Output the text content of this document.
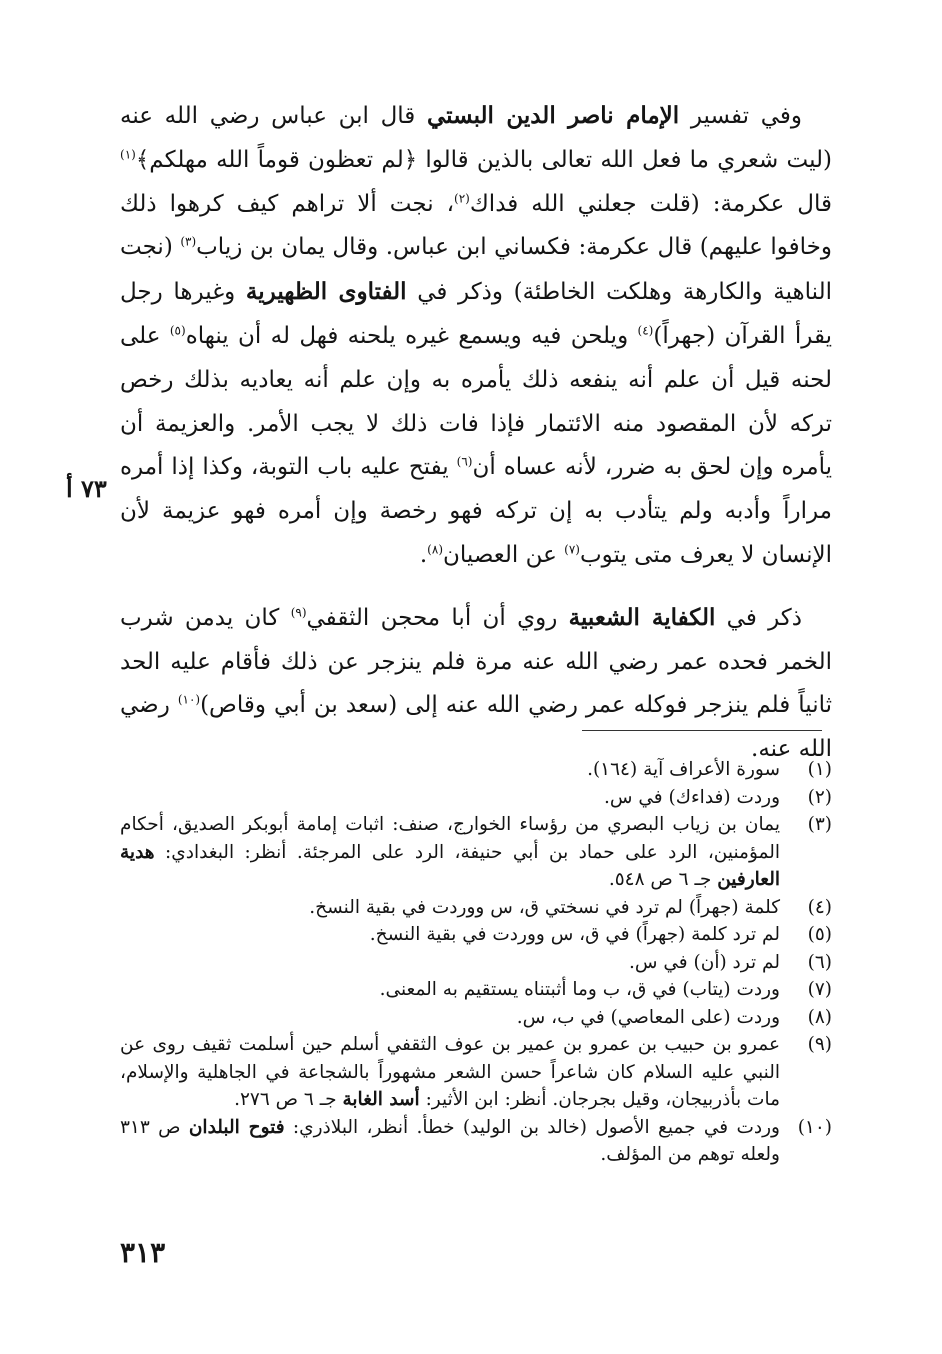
٧٣ أ

وفي تفسير الإمام ناصر الدين البستي قال ابن عباس رضي الله عنه (ليت شعري ما فعل الله تعالى بالذين قالوا ﴿لم تعظون قوماً الله مهلكم﴾$^{(١)}$ قال عكرمة: (قلت جعلني الله فداك$^{(٢)}$، نجت ألا تراهم كيف كرهوا ذلك وخافوا عليهم) قال عكرمة: فكساني ابن عباس. وقال يمان بن زياب$^{(٣)}$ (نجت الناهية والكارهة وهلكت الخاطئة) وذكر في الفتاوى الظهيرية وغيرها رجل يقرأ القرآن (جهراً)$^{(٤)}$ ويلحن فيه ويسمع غيره يلحنه فهل له أن ينهاه$^{(٥)}$ على لحنه قيل أن علم أنه ينفعه ذلك يأمره به وإن علم أنه يعاديه بذلك رخص تركه لأن المقصود منه الائتمار فإذا فات ذلك لا يجب الأمر. والعزيمة أن يأمره وإن لحق به ضرر، لأنه عساه أن$^{(٦)}$ يفتح عليه باب التوبة، وكذا إذا أمره مراراً وأدبه ولم يتأدب به إن تركه فهو رخصة وإن أمره فهو عزيمة لأن الإنسان لا يعرف متى يتوب$^{(٧)}$ عن العصيان$^{(٨)}$.

ذكر في الكفاية الشعبية روي أن أبا محجن الثقفي$^{(٩)}$ كان يدمن شرب الخمر فحده عمر رضي الله عنه مرة فلم ينزجر عن ذلك فأقام عليه الحد ثانياً فلم ينزجر فوكله عمر رضي الله عنه إلى (سعد بن أبي وقاص)$^{(١٠)}$ رضي الله عنه.

(١)
سورة الأعراف آية (١٦٤).
(٢)
وردت (فداءك) في س.
(٣)
يمان بن زياب البصري من رؤساء الخوارج، صنف: اثبات إمامة أبوبكر الصديق، أحكام المؤمنين، الرد على حماد بن أبي حنيفة، الرد على المرجئة. أنظر: البغدادي: هدية العارفين جـ ٦ ص ٥٤٨.
(٤)
كلمة (جهراً) لم ترد في نسختي ق، س ووردت في بقية النسخ.
(٥)
لم ترد كلمة (جهراً) في ق، س ووردت في بقية النسخ.
(٦)
لم ترد (أن) في س.
(٧)
وردت (يتاب) في ق، ب وما أثبتناه يستقيم به المعنى.
(٨)
وردت (على المعاصي) في ب، س.
(٩)
عمرو بن حبيب بن عمرو بن عمير بن عوف الثقفي أسلم حين أسلمت ثقيف روى عن النبي عليه السلام كان شاعراً حسن الشعر مشهوراً بالشجاعة في الجاهلية والإسلام، مات بأذربيجان، وقيل بجرجان. أنظر: ابن الأثير: أسد الغابة جـ ٦ ص ٢٧٦.
(١٠)
وردت في جميع الأصول (خالد بن الوليد) خطأ. أنظر، البلاذري: فتوح البلدان ص ٣١٣ ولعله توهم من المؤلف.
٣١٣
